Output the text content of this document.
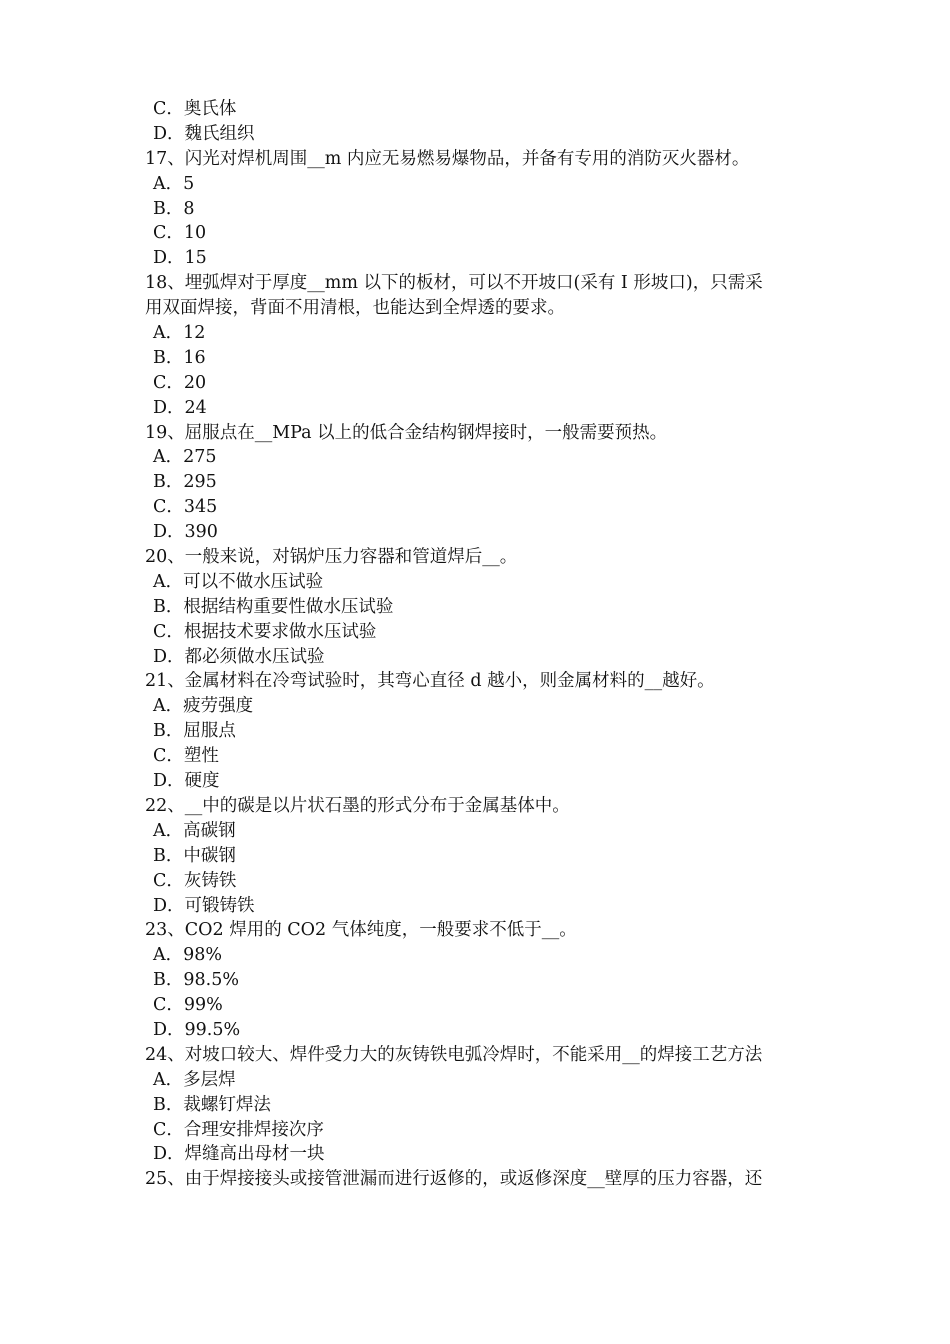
C．奥氏体
D．魏氏组织
17、闪光对焊机周围__m 内应无易燃易爆物品，并备有专用的消防灭火器材。
A．5
B．8
C．10
D．15
18、埋弧焊对于厚度__mm 以下的板材，可以不开坡口(采有 I 形坡口)，只需采
用双面焊接，背面不用清根，也能达到全焊透的要求。
A．12
B．16
C．20
D．24
19、屈服点在__MPa 以上的低合金结构钢焊接时，一般需要预热。
A．275
B．295
C．345
D．390
20、一般来说，对锅炉压力容器和管道焊后__。
A．可以不做水压试验
B．根据结构重要性做水压试验
C．根据技术要求做水压试验
D．都必须做水压试验
21、金属材料在冷弯试验时，其弯心直径 d 越小，则金属材料的__越好。
A．疲劳强度
B．屈服点
C．塑性
D．硬度
22、__中的碳是以片状石墨的形式分布于金属基体中。
A．高碳钢
B．中碳钢
C．灰铸铁
D．可锻铸铁
23、CO2 焊用的 CO2 气体纯度，一般要求不低于__。
A．98%
B．98.5%
C．99%
D．99.5%
24、对坡口较大、焊件受力大的灰铸铁电弧冷焊时，不能采用__的焊接工艺方法
A．多层焊
B．裁螺钉焊法
C．合理安排焊接次序
D．焊缝高出母材一块
25、由于焊接接头或接管泄漏而进行返修的，或返修深度__壁厚的压力容器，还
